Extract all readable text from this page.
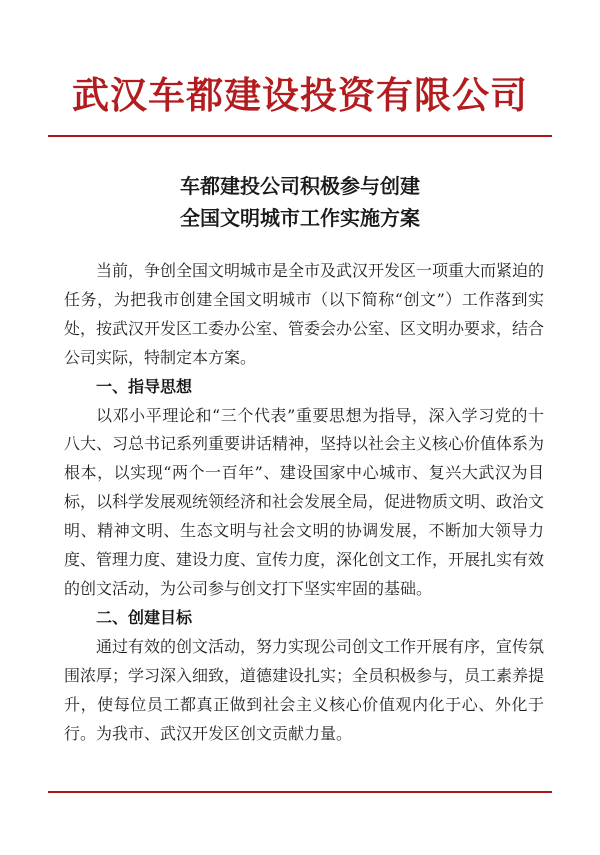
武汉车都建设投资有限公司
车都建投公司积极参与创建
全国文明城市工作实施方案

当前，争创全国文明城市是全市及武汉开发区一项重大而紧迫的任务，为把我市创建全国文明城市（以下简称“创文”）工作落到实处，按武汉开发区工委办公室、管委会办公室、区文明办要求，结合公司实际，特制定本方案。

一、指导思想

以邓小平理论和“三个代表”重要思想为指导，深入学习党的十八大、习总书记系列重要讲话精神，坚持以社会主义核心价值体系为根本，以实现“两个一百年”、建设国家中心城市、复兴大武汉为目标，以科学发展观统领经济和社会发展全局，促进物质文明、政治文明、精神文明、生态文明与社会文明的协调发展，不断加大领导力度、管理力度、建设力度、宣传力度，深化创文工作，开展扎实有效的创文活动，为公司参与创文打下坚实牢固的基础。

二、创建目标

通过有效的创文活动，努力实现公司创文工作开展有序，宣传氛围浓厚；学习深入细致，道德建设扎实；全员积极参与，员工素养提升，使每位员工都真正做到社会主义核心价值观内化于心、外化于行。为我市、武汉开发区创文贡献力量。
